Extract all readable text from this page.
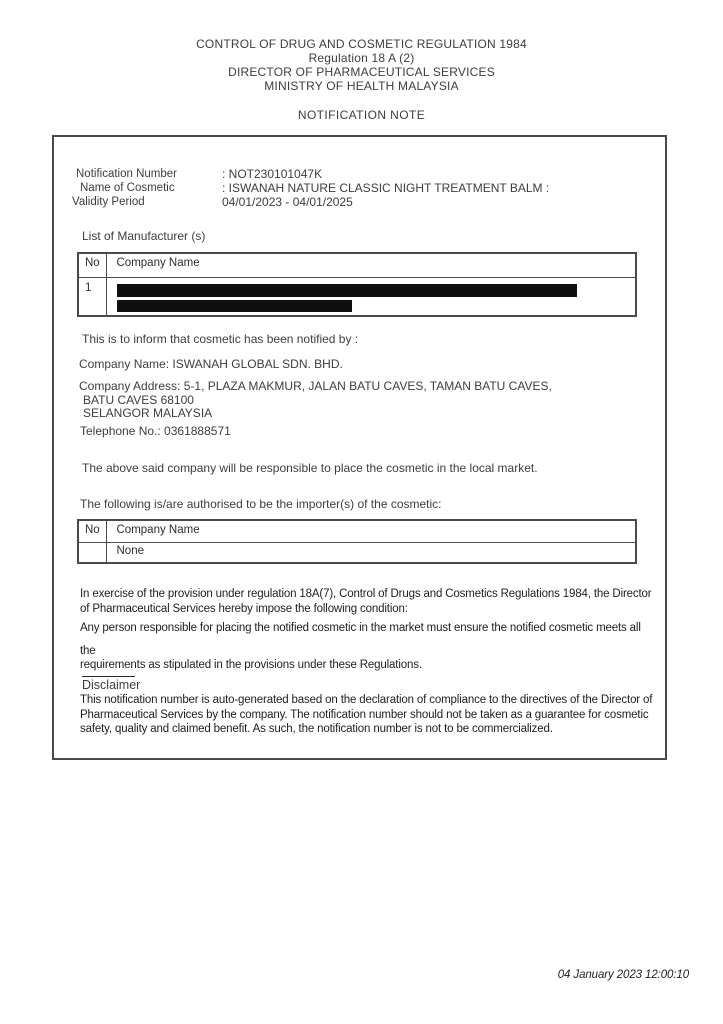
CONTROL OF DRUG AND COSMETIC REGULATION 1984
Regulation 18 A (2)
DIRECTOR OF PHARMACEUTICAL SERVICES
MINISTRY OF HEALTH MALAYSIA
NOTIFICATION NOTE
Notification Number	: NOT230101047K
Name of Cosmetic	: ISWANAH NATURE CLASSIC NIGHT TREATMENT BALM :
Validity Period	04/01/2023 - 04/01/2025
List of Manufacturer (s)
No	Company Name
1	
This is to inform that cosmetic has been notified by :
Company Name: ISWANAH GLOBAL SDN. BHD.
Company Address: 5-1, PLAZA MAKMUR, JALAN BATU CAVES, TAMAN BATU CAVES,
BATU CAVES 68100
SELANGOR MALAYSIA
Telephone No.: 0361888571
The above said company will be responsible to place the cosmetic in the local market.
The following is/are authorised to be the importer(s) of the cosmetic:
No	Company Name
	None
In exercise of the provision under regulation 18A(7), Control of Drugs and Cosmetics Regulations 1984, the Director
of Pharmaceutical Services hereby impose the following condition:
Any person responsible for placing the notified cosmetic in the market must ensure the notified cosmetic meets all
the
requirements as stipulated in the provisions under these Regulations.
Disclaimer
This notification number is auto-generated based on the declaration of compliance to the directives of the Director of
Pharmaceutical Services by the company. The notification number should not be taken as a guarantee for cosmetic
safety, quality and claimed benefit. As such, the notification number is not to be commercialized.
04 January 2023 12:00:10
